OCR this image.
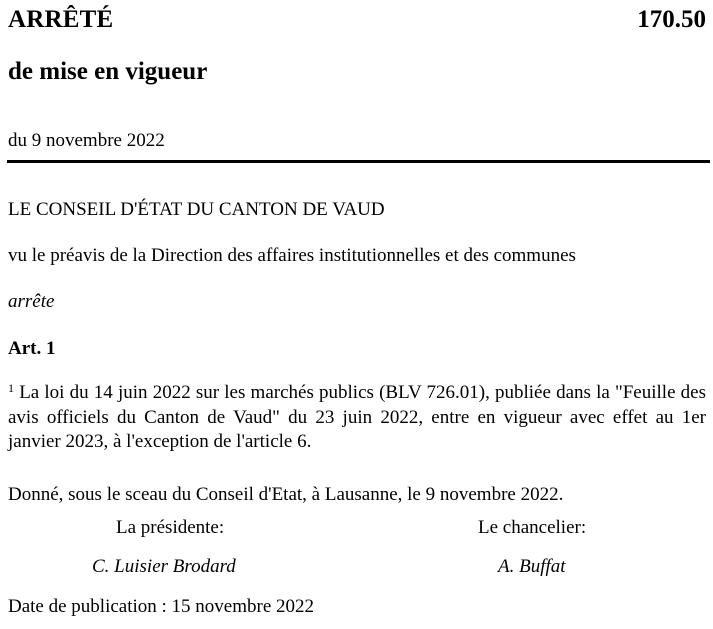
ARRÊTÉ	170.50
de mise en vigueur
du 9 novembre 2022
LE CONSEIL D'ÉTAT DU CANTON DE VAUD
vu le préavis de la Direction des affaires institutionnelles et des communes
arrête
Art. 1
$^1$ La loi du 14 juin 2022 sur les marchés publics (BLV 726.01), publiée dans la "Feuille des avis officiels du Canton de Vaud" du 23 juin 2022, entre en vigueur avec effet au 1er janvier 2023, à l'exception de l'article 6.
Donné, sous le sceau du Conseil d'Etat, à Lausanne, le 9 novembre 2022.
La présidente:	Le chancelier:
C. Luisier Brodard	A. Buffat
Date de publication : 15 novembre 2022
